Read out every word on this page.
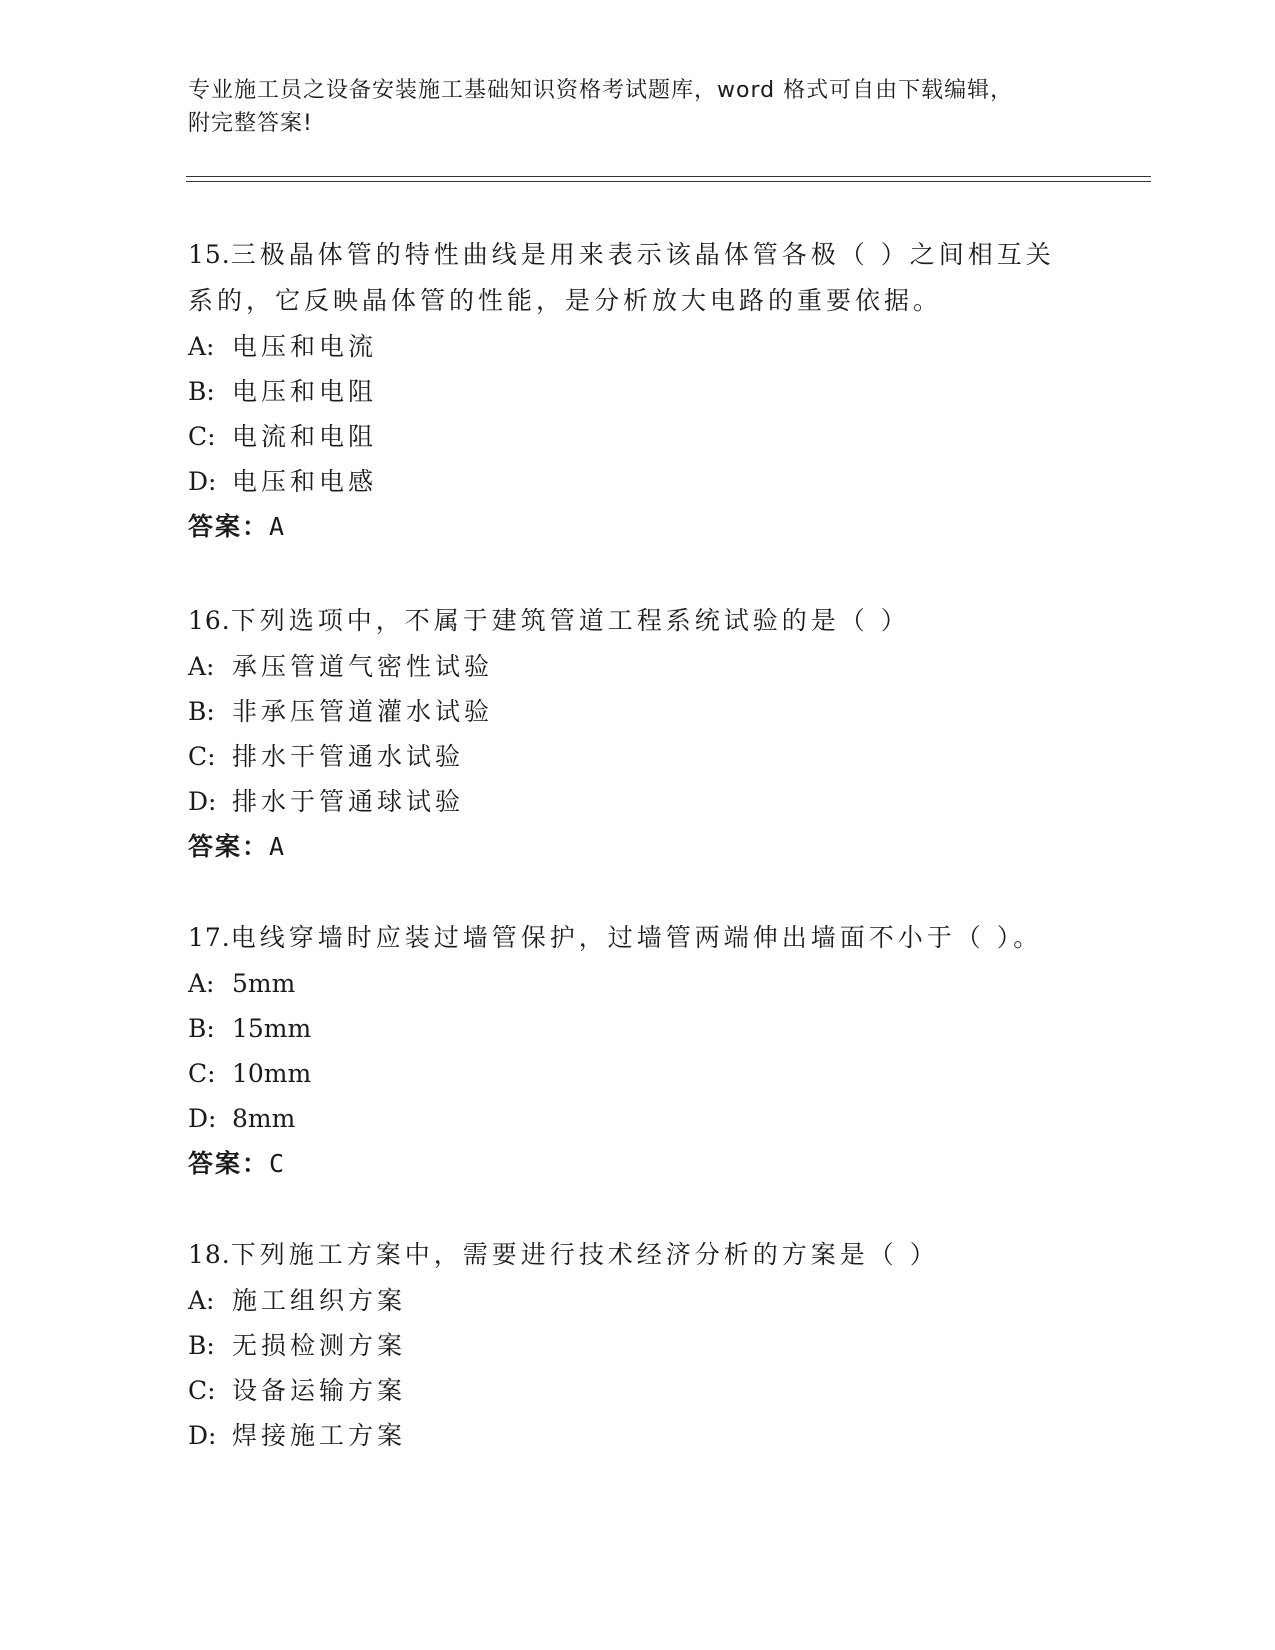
专业施工员之设备安装施工基础知识资格考试题库，word 格式可自由下载编辑，
附完整答案!

15.三极晶体管的特性曲线是用来表示该晶体管各极（ ）之间相互关
系的，它反映晶体管的性能，是分析放大电路的重要依据。

A: 电压和电流
B: 电压和电阻
C: 电流和电阻
D: 电压和电感
答案：A

16.下列选项中，不属于建筑管道工程系统试验的是（ ）

A: 承压管道气密性试验
B: 非承压管道灌水试验
C: 排水干管通水试验
D: 排水于管通球试验
答案：A

17.电线穿墙时应装过墙管保护，过墙管两端伸出墙面不小于（ ）。

A: 5mm
B: 15mm
C: 10mm
D: 8mm
答案：C

18.下列施工方案中，需要进行技术经济分析的方案是（ ）

A: 施工组织方案
B: 无损检测方案
C: 设备运输方案
D: 焊接施工方案
